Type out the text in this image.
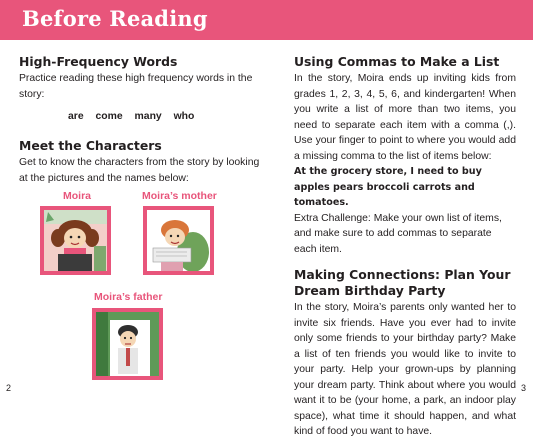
Before Reading
High-Frequency Words

Practice reading these high frequency words in the story:

are come many who
Meet the Characters

Get to know the characters from the story by looking at the pictures and the names below:

Moira	Moira’s mother
Moira’s father
Using Commas to Make a List

In the story, Moira ends up inviting kids from grades 1, 2, 3, 4, 5, 6, and kindergarten! When you write a list of more than two items, you need to separate each item with a comma (,). Use your finger to point to where you would add a missing comma to the list of items below:

At the grocery store, I need to buy apples pears broccoli carrots and tomatoes.

Extra Challenge: Make your own list of items, and make sure to add commas to separate each item.

Making Connections: Plan Your Dream Birthday Party

In the story, Moira’s parents only wanted her to invite six friends. Have you ever had to invite only some friends to your birthday party? Make a list of ten friends you would like to invite to your party. Help your grown-ups by planning your dream party. Think about where you would want it to be (your home, a park, an indoor play space), what time it should happen, and what kind of food you want to have.

2	3
